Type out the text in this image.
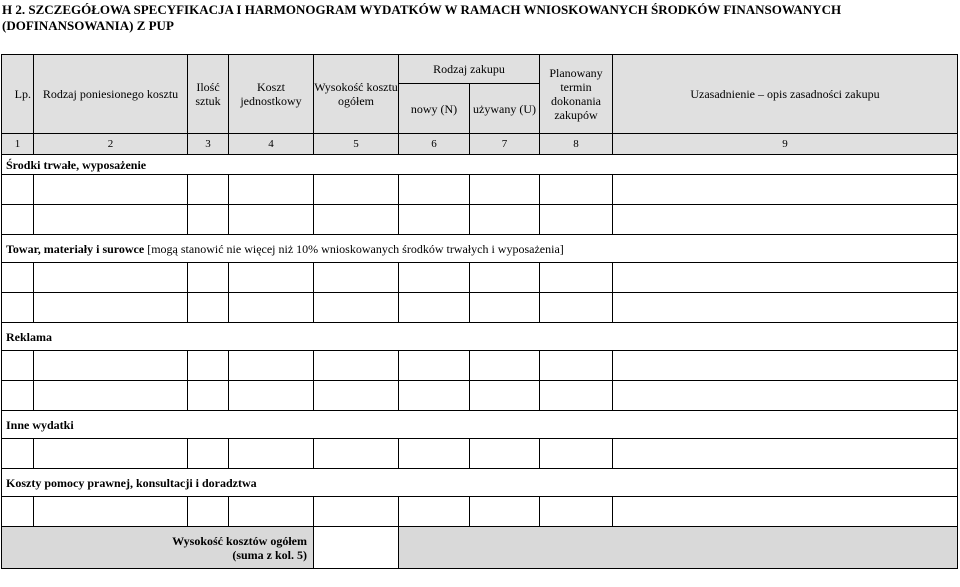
H 2. SZCZEGÓŁOWA SPECYFIKACJA I HARMONOGRAM WYDATKÓW W RAMACH WNIOSKOWANYCH ŚRODKÓW FINANSOWANYCH
(DOFINANSOWANIA) Z PUP
Lp.	Rodzaj poniesionego kosztu	Ilość sztuk	Koszt jednostkowy	Wysokość kosztu ogółem	Rodzaj zakupu		Planowany termin dokonania zakupów	Uzasadnienie – opis zasadności zakupu
					nowy (N)	używany (U)		
1	2	3	4	5	6	7	8	9
Środki trwałe, wyposażenie								

Towar, materiały i surowce [mogą stanowić nie więcej niż 10% wnioskowanych środków trwałych i wyposażenia]								

Reklama								

Inne wydatki								

Koszty pomocy prawnej, konsultacji i doradztwa								

Wysokość kosztów ogółem
(suma z kol. 5)								
